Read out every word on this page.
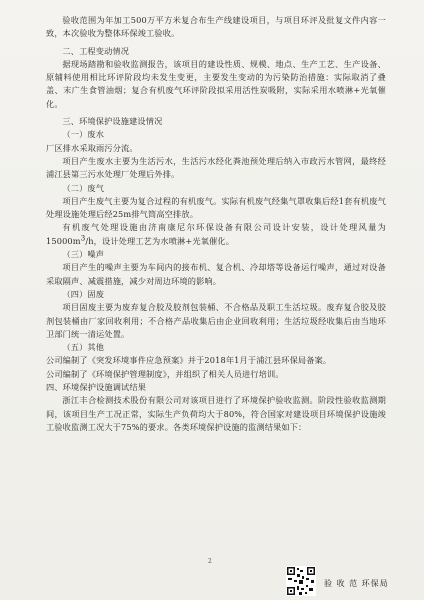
验收范围为年加工500万平方米复合布生产线建设项目，与项目环评及批复文件内容一致，本次验收为整体环保竣工验收。

二、工程变动情况

据现场踏勘和验收监测报告，该项目的建设性质、规模、地点、生产工艺、生产设备、原辅料使用相比环评阶段均未发生变更，主要发生变动的为污染防治措施：实际取消了叠盖、末广生食管油烟；复合有机废气环评阶段拟采用活性炭吸附，实际采用水喷淋+光氧催化。

三、环境保护设施建设情况

（一）废水

厂区排水采取雨污分流。

项目产生废水主要为生活污水，生活污水经化粪池预处理后纳入市政污水管网，最终经浦江县第三污水处理厂处理后外排。

（二）废气

项目产生废气主要为复合过程的有机废气。实际有机废气经集气罩收集后经1套有机废气处理设施处理后经25m排气筒高空排放。

有机废气处理设施由济南康尼尔环保设备有限公司设计安装，设计处理风量为15000m3/h，设计处理工艺为水喷淋+光氧催化。

（三）噪声

项目产生的噪声主要为车间内的接布机、复合机、冷却塔等设备运行噪声，通过对设备采取隔声、减震措施，减少对周边环境的影响。

（四）固废

项目固废主要为废弃复合胶及胶剂包装桶、不合格品及职工生活垃圾。废弃复合胶及胶剂包装桶由厂家回收利用；不合格产品收集后由企业回收利用；生活垃圾经收集后由当地环卫部门统一清运处置。

（五）其他

公司编制了《突发环境事件应急预案》并于2018年1月于浦江县环保局备案。

公司编制了《环境保护管理制度》，并组织了相关人员进行培训。

四、环境保护设施调试结果

浙江丰合检测技术股份有限公司对该项目进行了环境保护验收监测。阶段性验收监测期间，该项目生产工况正常，实际生产负荷均大于80%，符合国家对建设项目环境保护设施竣工验收监测工况大于75%的要求。各类环境保护设施的监测结果如下：

2
验 收 范 环保局
